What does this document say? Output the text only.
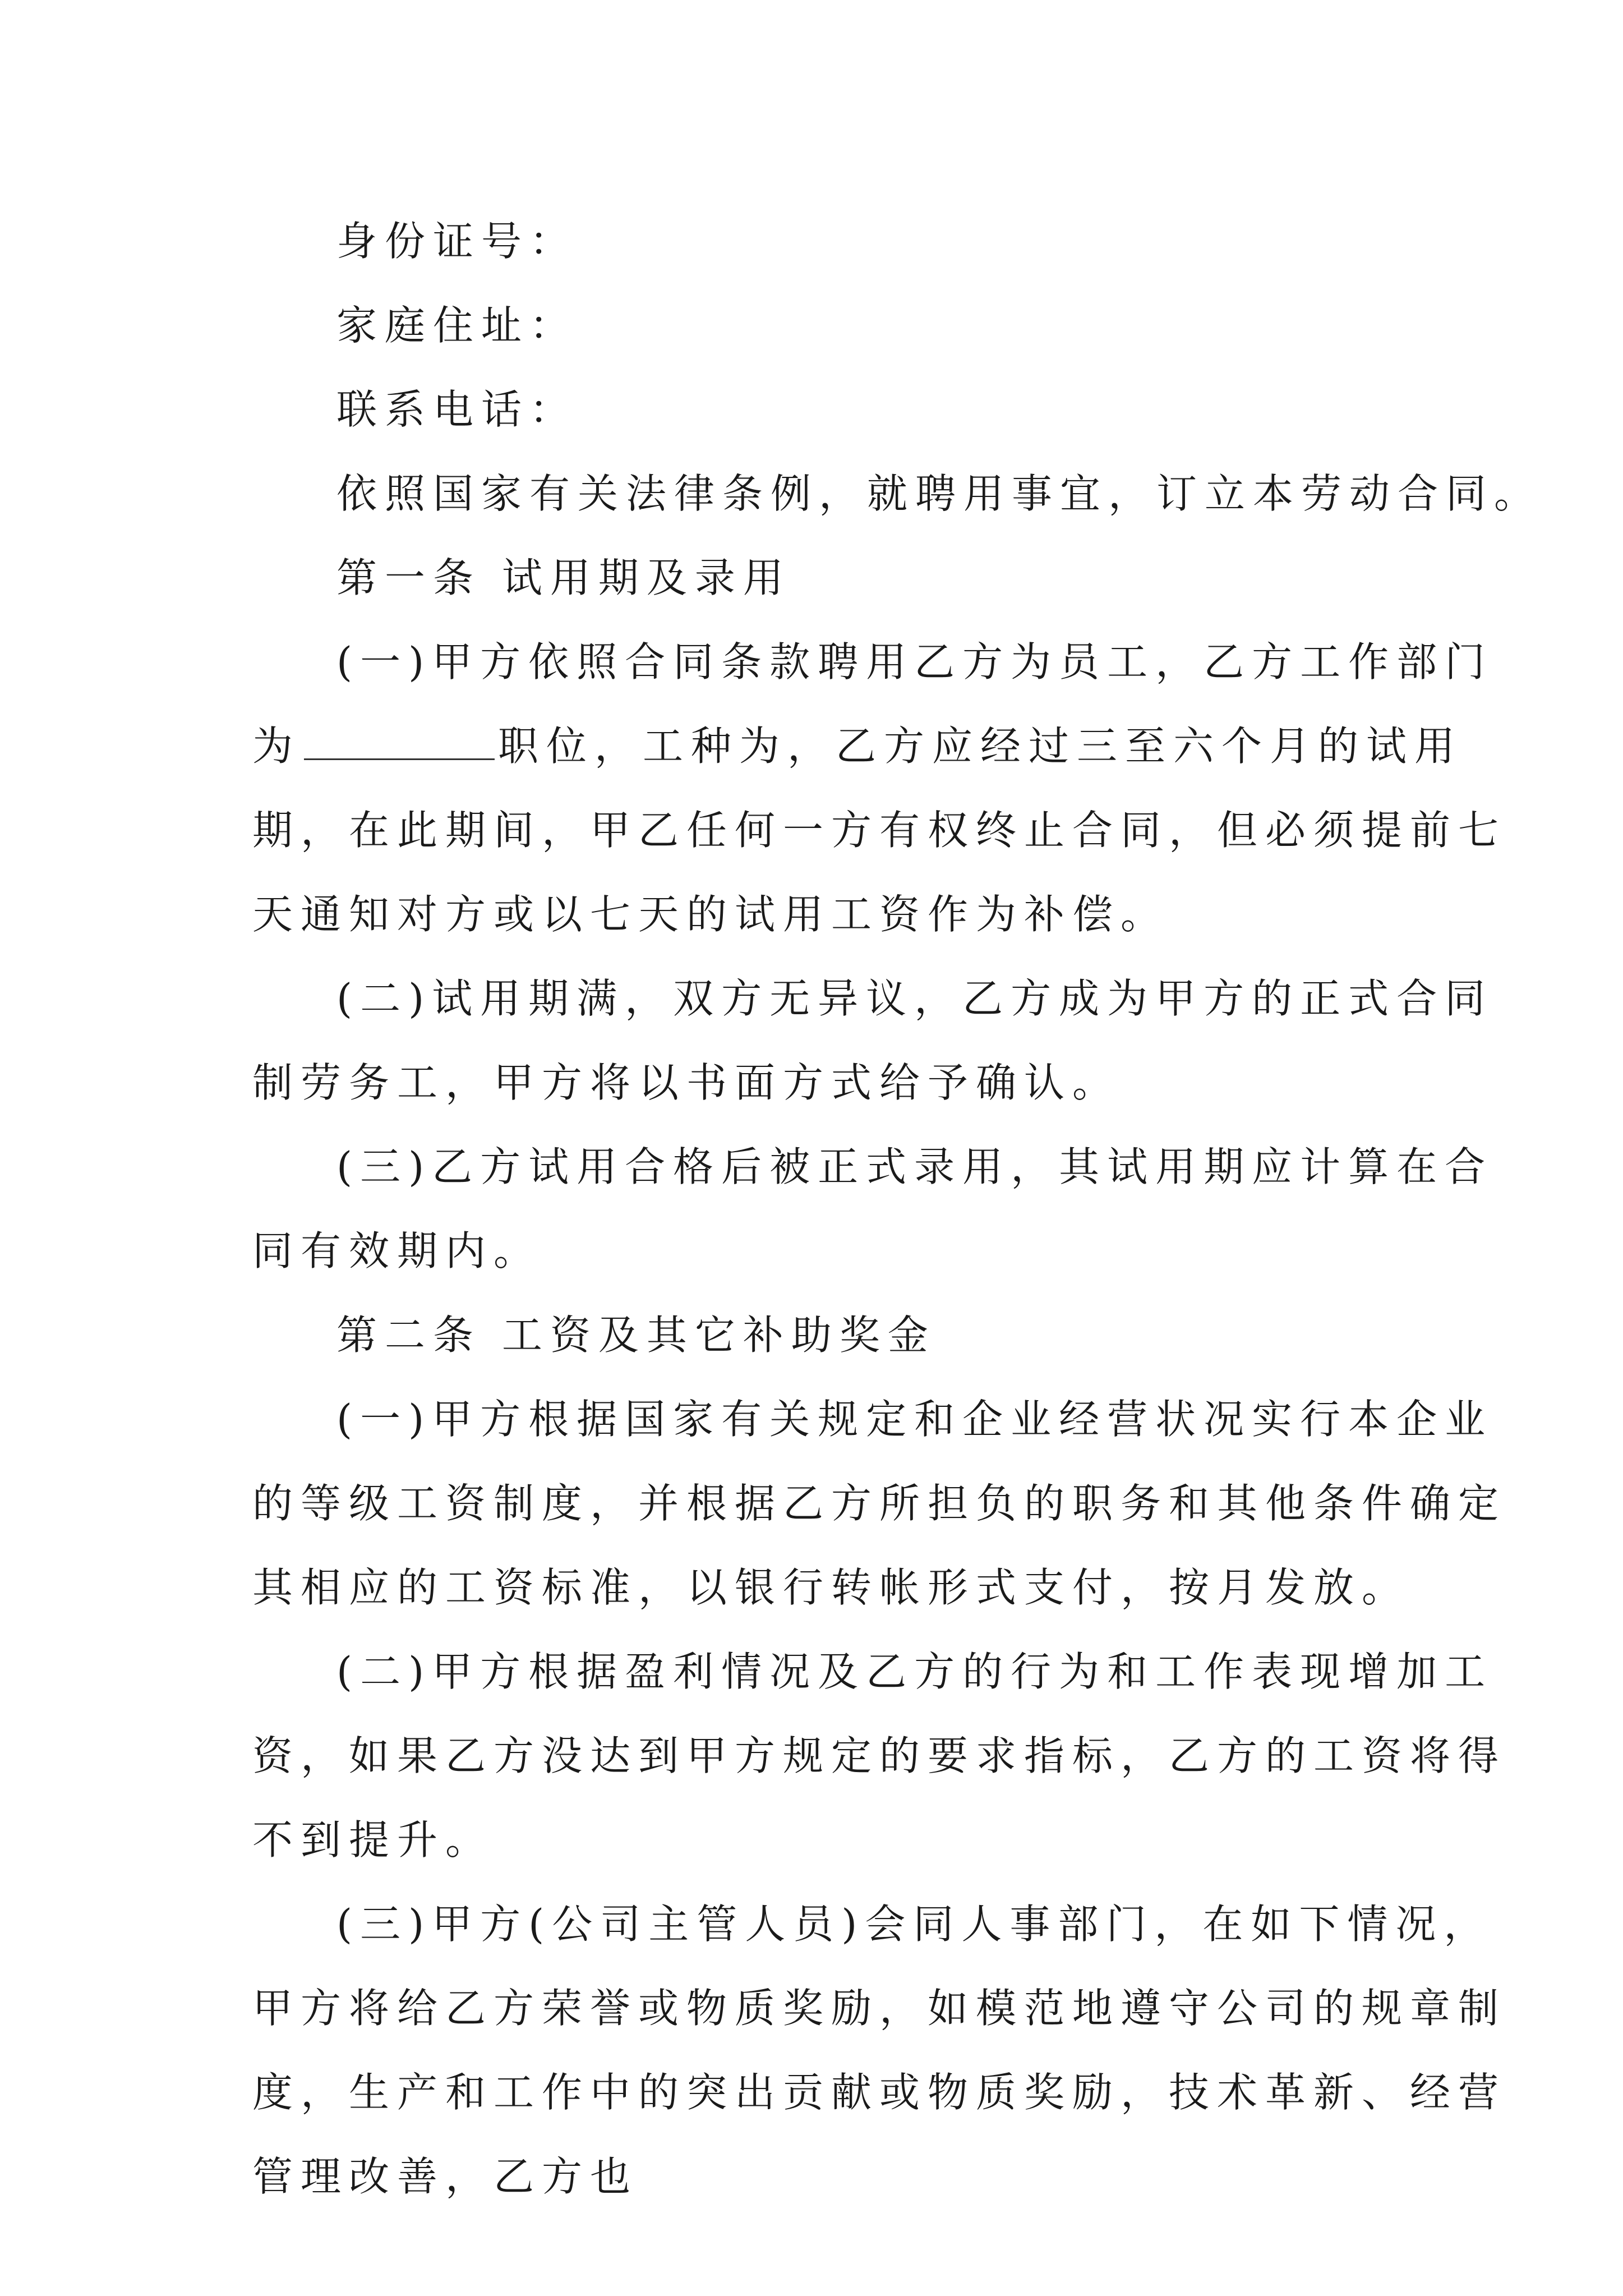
身份证号：
家庭住址：
联系电话：
依照国家有关法律条例，就聘用事宜，订立本劳动合同。
第一条 试用期及录用
(一)甲方依照合同条款聘用乙方为员工，乙方工作部门
为	职位，工种为，乙方应经过三至六个月的试用
期，在此期间，甲乙任何一方有权终止合同，但必须提前七
天通知对方或以七天的试用工资作为补偿。
(二)试用期满，双方无异议，乙方成为甲方的正式合同
制劳务工，甲方将以书面方式给予确认。
(三)乙方试用合格后被正式录用，其试用期应计算在合
同有效期内。
第二条 工资及其它补助奖金
(一)甲方根据国家有关规定和企业经营状况实行本企业
的等级工资制度，并根据乙方所担负的职务和其他条件确定
其相应的工资标准，以银行转帐形式支付，按月发放。
(二)甲方根据盈利情况及乙方的行为和工作表现增加工
资，如果乙方没达到甲方规定的要求指标，乙方的工资将得
不到提升。
(三)甲方(公司主管人员)会同人事部门，在如下情况，
甲方将给乙方荣誉或物质奖励，如模范地遵守公司的规章制
度，生产和工作中的突出贡献或物质奖励，技术革新、经营
管理改善，乙方也
